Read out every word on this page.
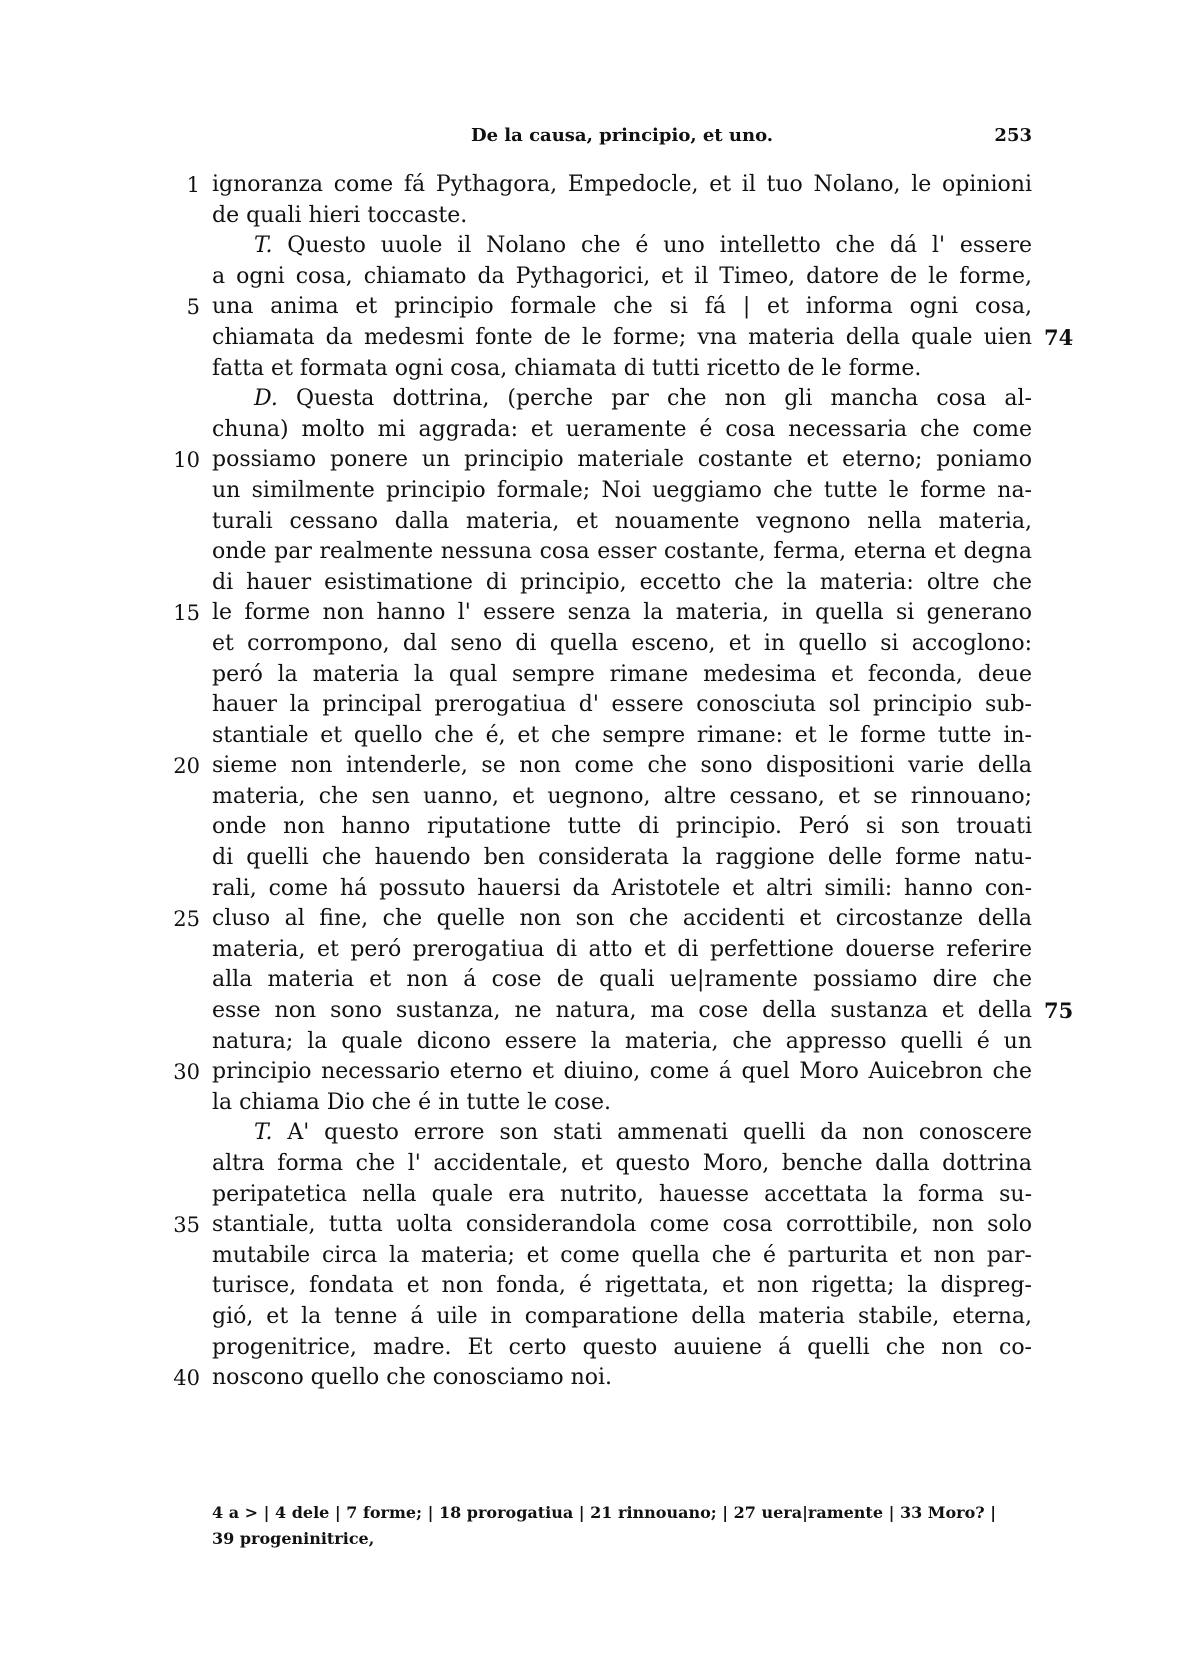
De la causa, principio, et uno.	253
1 ignoranza come fá Pythagora, Empedocle, et il tuo Nolano, le opinioni
de quali hieri toccaste.
T. Questo uuole il Nolano che é uno intelletto che dá l' essere
a ogni cosa, chiamato da Pythagorici, et il Timeo, datore de le forme,
5 una anima et principio formale che si fá | et informa ogni cosa,
74
chiamata da medesmi fonte de le forme; vna materia della quale uien
fatta et formata ogni cosa, chiamata di tutti ricetto de le forme.
D. Questa dottrina, (perche par che non gli mancha cosa al-
chuna) molto mi aggrada: et ueramente é cosa necessaria che come
10 possiamo ponere un principio materiale costante et eterno; poniamo
un similmente principio formale; Noi ueggiamo che tutte le forme na-
turali cessano dalla materia, et nouamente vegnono nella materia,
onde par realmente nessuna cosa esser costante, ferma, eterna et degna
di hauer esistimatione di principio, eccetto che la materia: oltre che
15 le forme non hanno l' essere senza la materia, in quella si generano
et corrompono, dal seno di quella esceno, et in quello si accoglono:
peró la materia la qual sempre rimane medesima et feconda, deue
hauer la principal prerogatiua d' essere conosciuta sol principio sub-
stantiale et quello che é, et che sempre rimane: et le forme tutte in-
20 sieme non intenderle, se non come che sono dispositioni varie della
materia, che sen uanno, et uegnono, altre cessano, et se rinnouano;
onde non hanno riputatione tutte di principio. Peró si son trouati
di quelli che hauendo ben considerata la raggione delle forme natu-
rali, come há possuto hauersi da Aristotele et altri simili: hanno con-
25 cluso al fine, che quelle non son che accidenti et circostanze della
materia, et peró prerogatiua di atto et di perfettione douerse referire
alla materia et non á cose de quali ue|ramente possiamo dire che
75
esse non sono sustanza, ne natura, ma cose della sustanza et della
natura; la quale dicono essere la materia, che appresso quelli é un
30 principio necessario eterno et diuino, come á quel Moro Auicebron che
la chiama Dio che é in tutte le cose.
T. A' questo errore son stati ammenati quelli da non conoscere
altra forma che l' accidentale, et questo Moro, benche dalla dottrina
peripatetica nella quale era nutrito, hauesse accettata la forma su-
35 stantiale, tutta uolta considerandola come cosa corrottibile, non solo
mutabile circa la materia; et come quella che é parturita et non par-
turisce, fondata et non fonda, é rigettata, et non rigetta; la dispreg-
gió, et la tenne á uile in comparatione della materia stabile, eterna,
progenitrice, madre. Et certo questo auuiene á quelli che non co-
40 noscono quello che conosciamo noi.
4 a > | 4 dele | 7 forme; | 18 prorogatiua | 21 rinnouano; | 27 uera|ramente | 33 Moro? |
39 progeninitrice,
